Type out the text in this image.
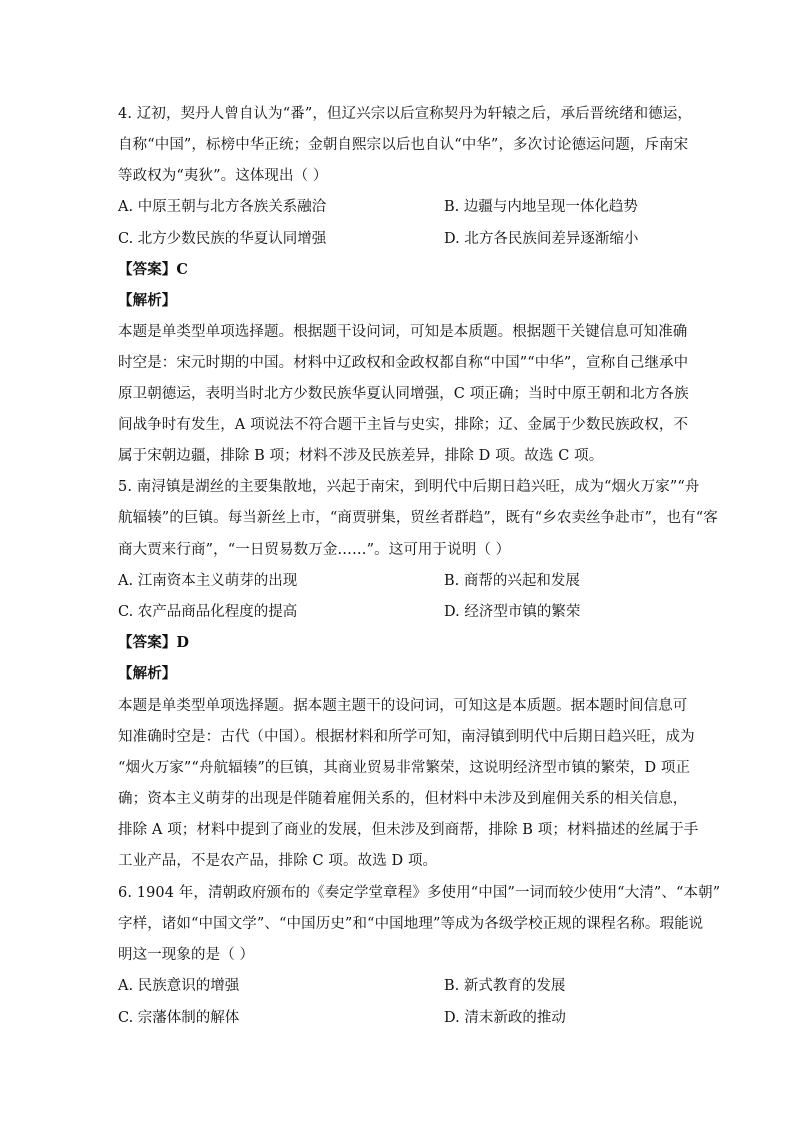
4. 辽初，契丹人曾自认为“番”，但辽兴宗以后宣称契丹为轩辕之后，承后晋统绪和德运，
自称“中国”，标榜中华正统；金朝自熙宗以后也自认“中华”，多次讨论德运问题，斥南宋
等政权为“夷狄”。这体现出（ ）
A. 中原王朝与北方各族关系融洽	B. 边疆与内地呈现一体化趋势
C. 北方少数民族的华夏认同增强	D. 北方各民族间差异逐渐缩小
【答案】C
【解析】
本题是单类型单项选择题。根据题干设问词，可知是本质题。根据题干关键信息可知准确
时空是：宋元时期的中国。材料中辽政权和金政权都自称“中国”“中华”，宣称自己继承中
原卫朝德运，表明当时北方少数民族华夏认同增强，C 项正确；当时中原王朝和北方各族
间战争时有发生，A 项说法不符合题干主旨与史实，排除；辽、金属于少数民族政权，不
属于宋朝边疆，排除 B 项；材料不涉及民族差异，排除 D 项。故选 C 项。
5. 南浔镇是湖丝的主要集散地，兴起于南宋，到明代中后期日趋兴旺，成为“烟火万家”“舟
航辐辏”的巨镇。每当新丝上市，“商贾骈集，贸丝者群趋”，既有“乡农卖丝争赴市”，也有“客
商大贾来行商”，“一日贸易数万金……”。这可用于说明（ ）
A. 江南资本主义萌芽的出现	B. 商帮的兴起和发展
C. 农产品商品化程度的提高	D. 经济型市镇的繁荣
【答案】D
【解析】
本题是单类型单项选择题。据本题主题干的设问词，可知这是本质题。据本题时间信息可
知准确时空是：古代（中国）。根据材料和所学可知，南浔镇到明代中后期日趋兴旺，成为
“烟火万家”“舟航辐辏”的巨镇，其商业贸易非常繁荣，这说明经济型市镇的繁荣，D 项正
确；资本主义萌芽的出现是伴随着雇佣关系的，但材料中未涉及到雇佣关系的相关信息，
排除 A 项；材料中提到了商业的发展，但未涉及到商帮，排除 B 项；材料描述的丝属于手
工业产品，不是农产品，排除 C 项。故选 D 项。
6. 1904 年，清朝政府颁布的《奏定学堂章程》多使用“中国”一词而较少使用“大清”、“本朝”
字样，诸如“中国文学”、“中国历史”和“中国地理”等成为各级学校正规的课程名称。瑕能说
明这一现象的是（ ）
A. 民族意识的增强	B. 新式教育的发展
C. 宗藩体制的解体	D. 清末新政的推动
